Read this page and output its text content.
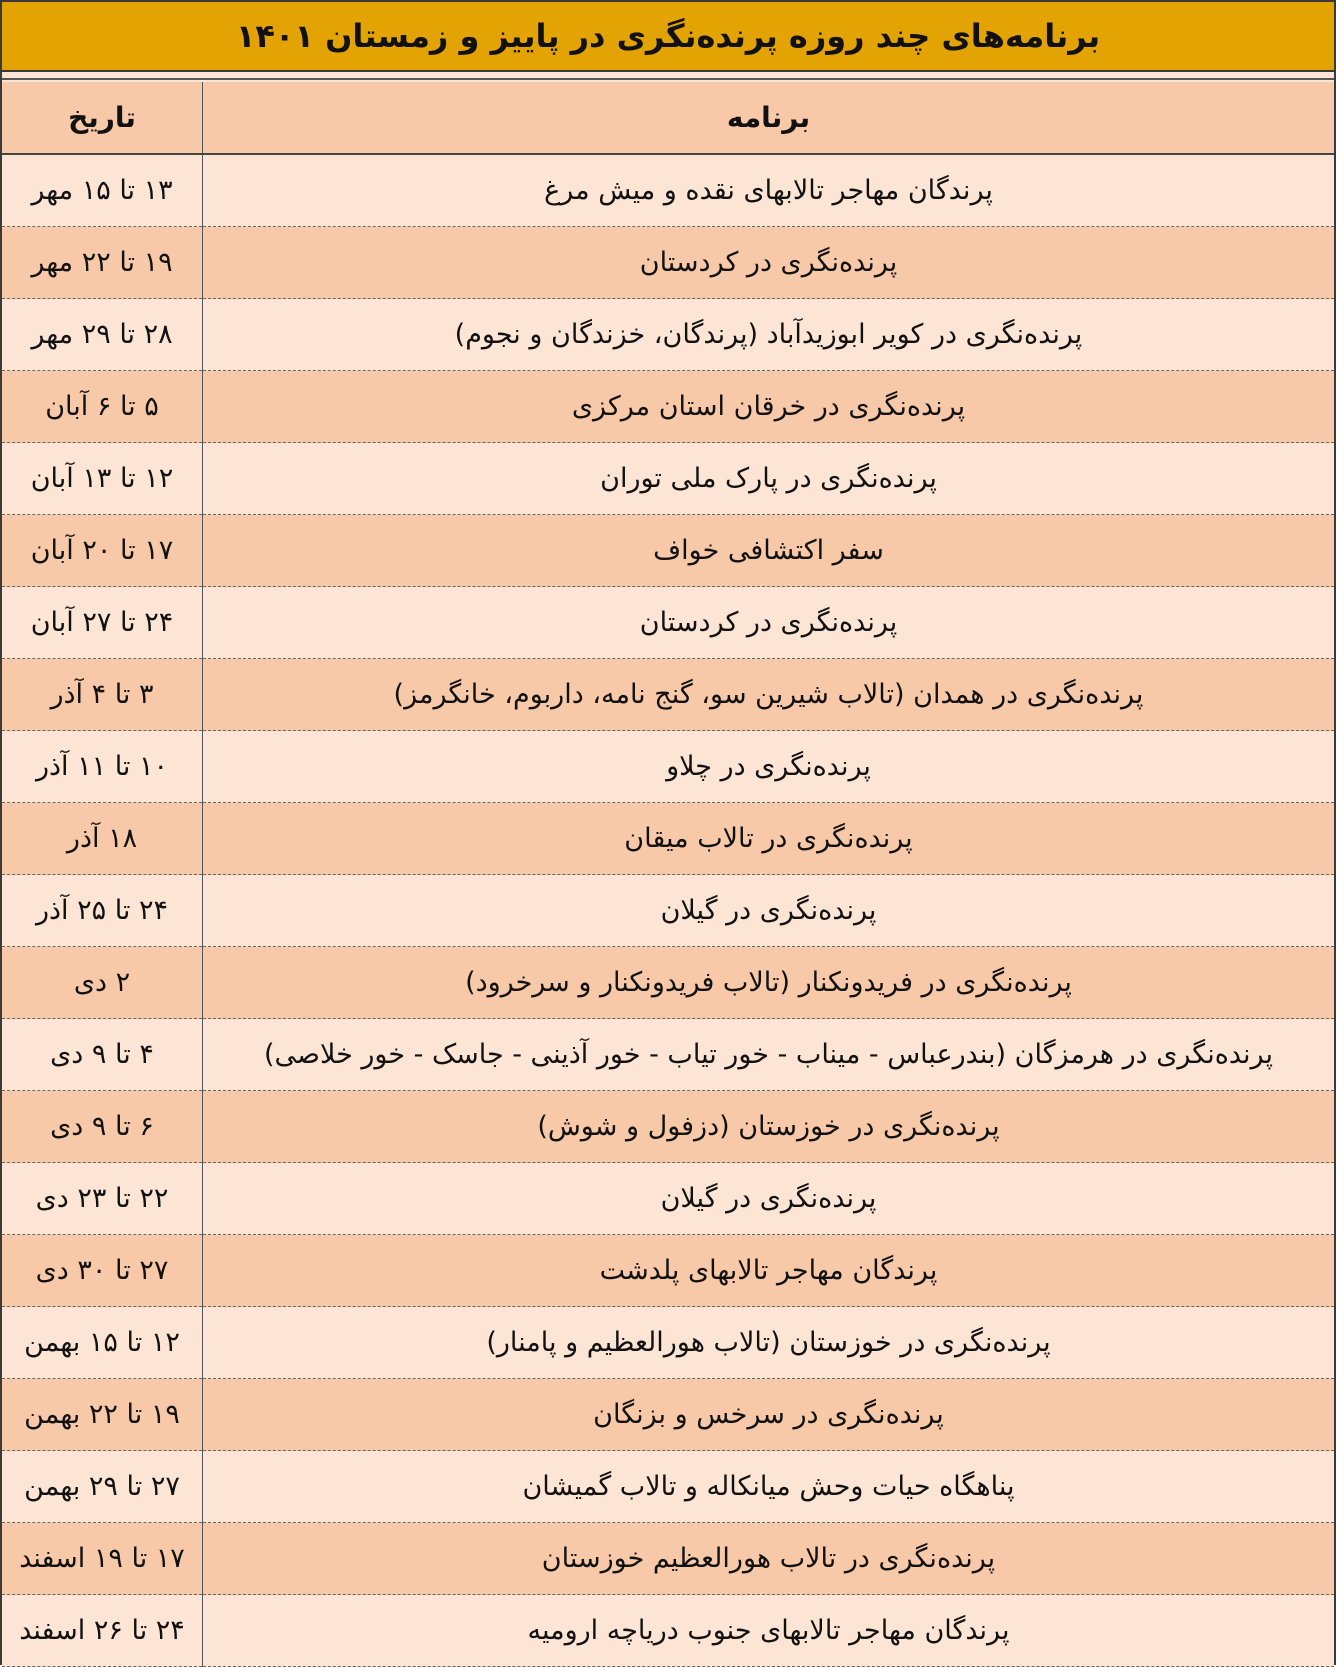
برنامه‌های چند روزه پرنده‌نگری در پاییز و زمستان ۱۴۰۱
برنامه	تاریخ
پرندگان مهاجر تالابهای نقده و میش مرغ	۱۳ تا ۱۵ مهر
پرنده‌نگری در کردستان	۱۹ تا ۲۲ مهر
پرنده‌نگری در کویر ابوزیدآباد (پرندگان، خزندگان و نجوم)	۲۸ تا ۲۹ مهر
پرنده‌نگری در خرقان استان مرکزی	۵ تا ۶ آبان
پرنده‌نگری در پارک ملی توران	۱۲ تا ۱۳ آبان
سفر اکتشافی خواف	۱۷ تا ۲۰ آبان
پرنده‌نگری در کردستان	۲۴ تا ۲۷ آبان
پرنده‌نگری در همدان (تالاب شیرین سو، گنج نامه، داربوم، خانگرمز)	۳ تا ۴ آذر
پرنده‌نگری در چلاو	۱۰ تا ۱۱ آذر
پرنده‌نگری در تالاب میقان	۱۸ آذر
پرنده‌نگری در گیلان	۲۴ تا ۲۵ آذر
پرنده‌نگری در فریدونکنار (تالاب فریدونکنار و سرخرود)	۲ دی
پرنده‌نگری در هرمزگان (بندرعباس - میناب - خور تیاب - خور آذینی - جاسک - خور خلاصی)	۴ تا ۹ دی
پرنده‌نگری در خوزستان (دزفول و شوش)	۶ تا ۹ دی
پرنده‌نگری در گیلان	۲۲ تا ۲۳ دی
پرندگان مهاجر تالابهای پلدشت	۲۷ تا ۳۰ دی
پرنده‌نگری در خوزستان (تالاب هورالعظیم و پامنار)	۱۲ تا ۱۵ بهمن
پرنده‌نگری در سرخس و بزنگان	۱۹ تا ۲۲ بهمن
پناهگاه حیات وحش میانکاله و تالاب گمیشان	۲۷ تا ۲۹ بهمن
پرنده‌نگری در تالاب هورالعظیم خوزستان	۱۷ تا ۱۹ اسفند
پرندگان مهاجر تالابهای جنوب دریاچه ارومیه	۲۴ تا ۲۶ اسفند
